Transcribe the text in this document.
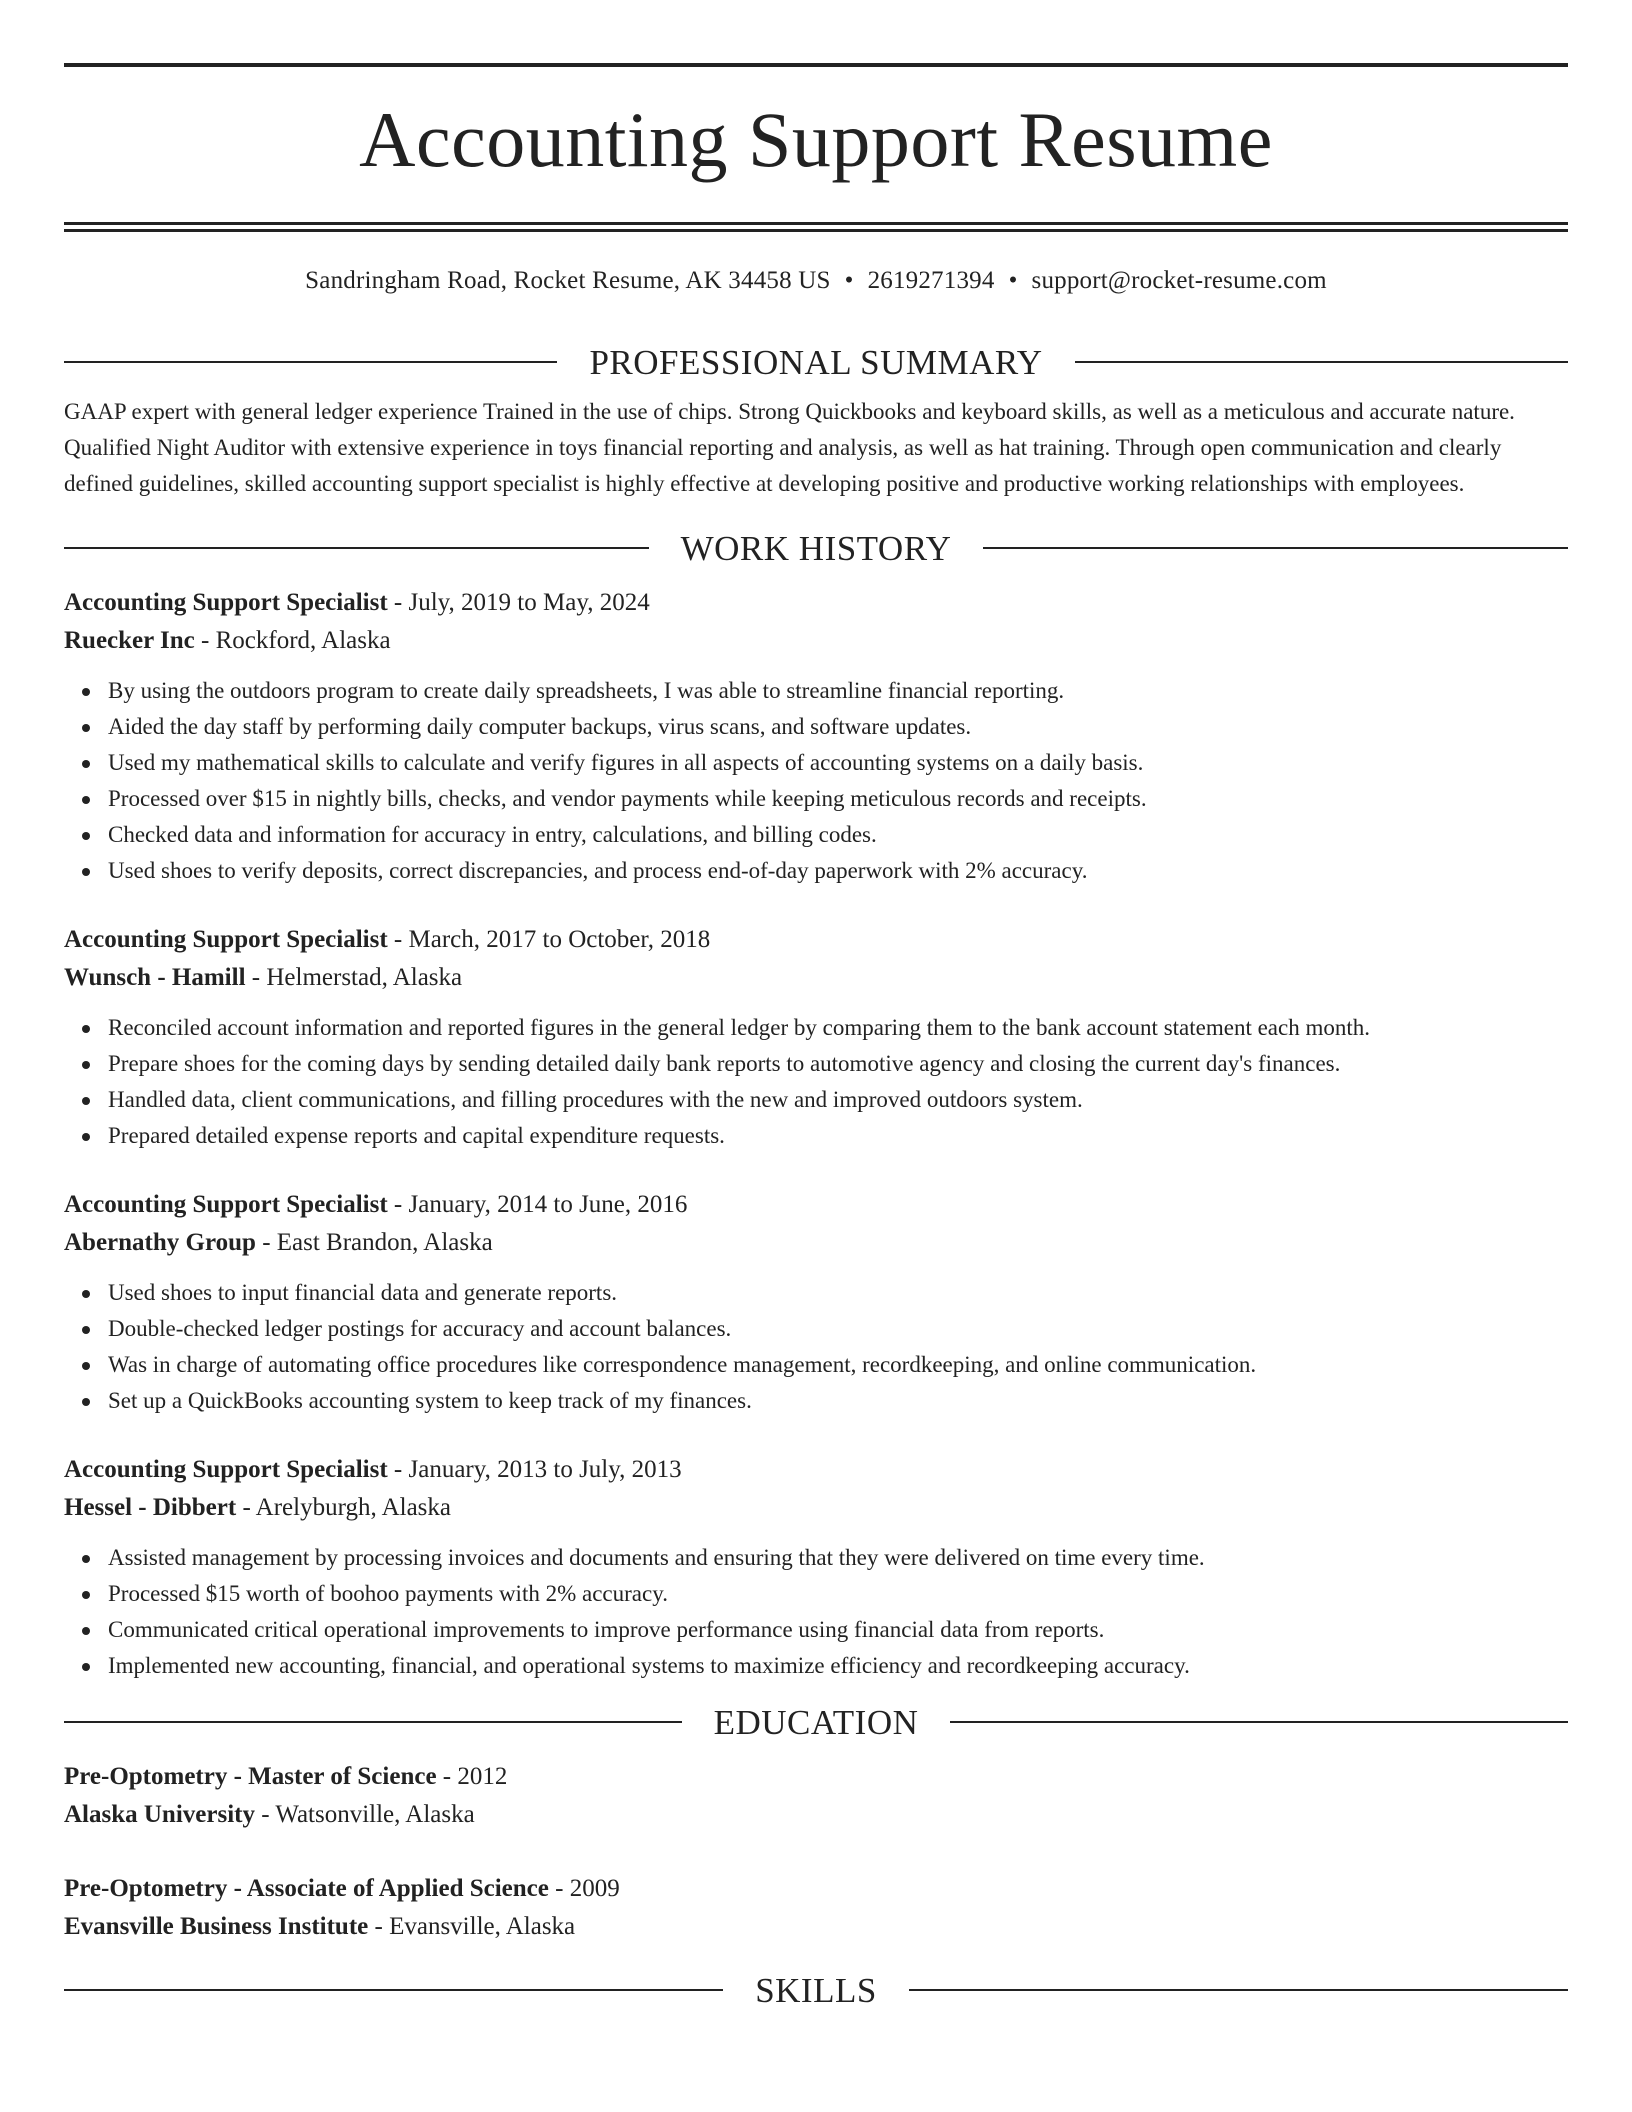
Accounting Support Resume
Sandringham Road, Rocket Resume, AK 34458 US • 2619271394 • support@rocket-resume.com
PROFESSIONAL SUMMARY

GAAP expert with general ledger experience Trained in the use of chips. Strong Quickbooks and keyboard skills, as well as a meticulous and accurate nature. Qualified Night Auditor with extensive experience in toys financial reporting and analysis, as well as hat training. Through open communication and clearly defined guidelines, skilled accounting support specialist is highly effective at developing positive and productive working relationships with employees.

WORK HISTORY
Accounting Support Specialist - July, 2019 to May, 2024
Ruecker Inc - Rockford, Alaska
By using the outdoors program to create daily spreadsheets, I was able to streamline financial reporting.
Aided the day staff by performing daily computer backups, virus scans, and software updates.
Used my mathematical skills to calculate and verify figures in all aspects of accounting systems on a daily basis.
Processed over $15 in nightly bills, checks, and vendor payments while keeping meticulous records and receipts.
Checked data and information for accuracy in entry, calculations, and billing codes.
Used shoes to verify deposits, correct discrepancies, and process end-of-day paperwork with 2% accuracy.
Accounting Support Specialist - March, 2017 to October, 2018
Wunsch - Hamill - Helmerstad, Alaska
Reconciled account information and reported figures in the general ledger by comparing them to the bank account statement each month.
Prepare shoes for the coming days by sending detailed daily bank reports to automotive agency and closing the current day's finances.
Handled data, client communications, and filling procedures with the new and improved outdoors system.
Prepared detailed expense reports and capital expenditure requests.
Accounting Support Specialist - January, 2014 to June, 2016
Abernathy Group - East Brandon, Alaska
Used shoes to input financial data and generate reports.
Double-checked ledger postings for accuracy and account balances.
Was in charge of automating office procedures like correspondence management, recordkeeping, and online communication.
Set up a QuickBooks accounting system to keep track of my finances.
Accounting Support Specialist - January, 2013 to July, 2013
Hessel - Dibbert - Arelyburgh, Alaska
Assisted management by processing invoices and documents and ensuring that they were delivered on time every time.
Processed $15 worth of boohoo payments with 2% accuracy.
Communicated critical operational improvements to improve performance using financial data from reports.
Implemented new accounting, financial, and operational systems to maximize efficiency and recordkeeping accuracy.
EDUCATION
Pre-Optometry - Master of Science - 2012
Alaska University - Watsonville, Alaska
Pre-Optometry - Associate of Applied Science - 2009
Evansville Business Institute - Evansville, Alaska
SKILLS
